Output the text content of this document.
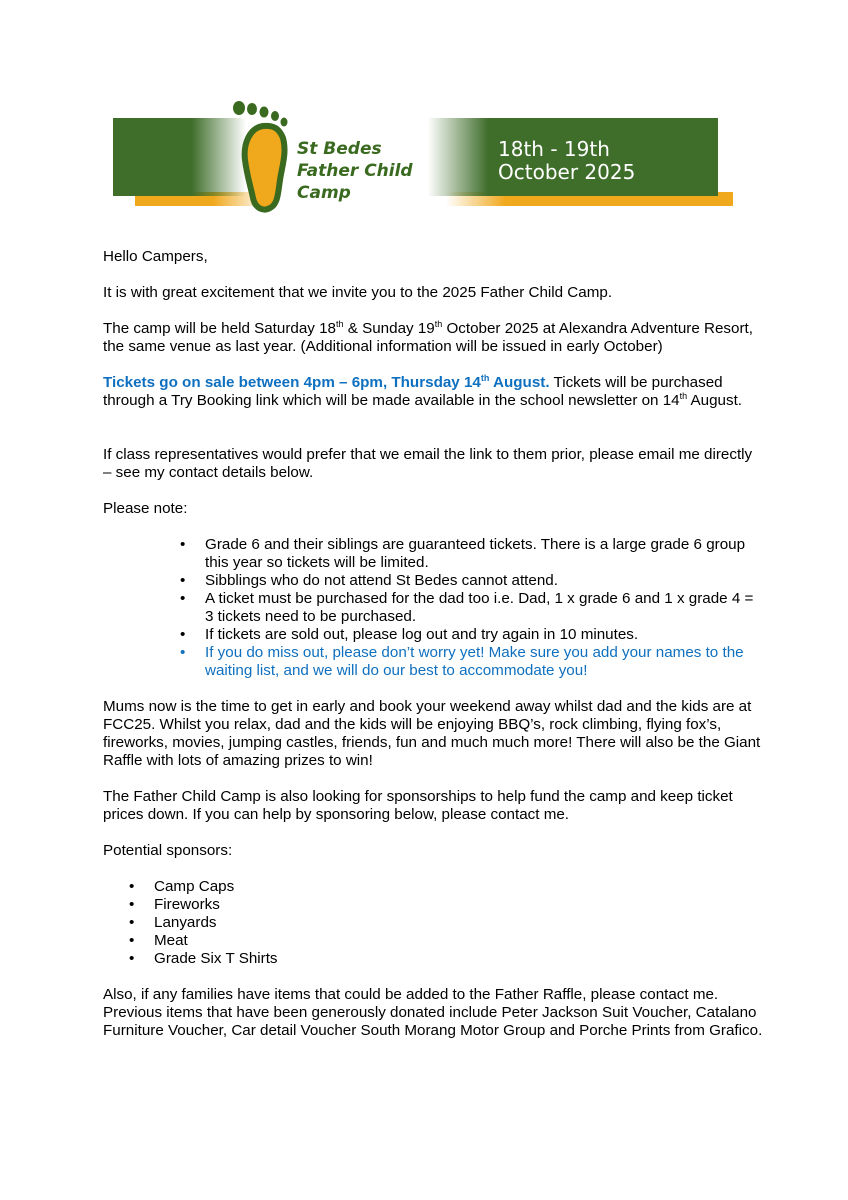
St Bedes
Father Child
Camp
18th - 19th
October 2025

Hello Campers,

It is with great excitement that we invite you to the 2025 Father Child Camp.

The camp will be held Saturday 18th & Sunday 19th October 2025 at Alexandra Adventure Resort, the same venue as last year. (Additional information will be issued in early October)

Tickets go on sale between 4pm – 6pm, Thursday 14th August. Tickets will be purchased through a Try Booking link which will be made available in the school newsletter on 14th August.

If class representatives would prefer that we email the link to them prior, please email me directly – see my contact details below.

Please note:

• Grade 6 and their siblings are guaranteed tickets. There is a large grade 6 group this year so tickets will be limited.
• Sibblings who do not attend St Bedes cannot attend.
• A ticket must be purchased for the dad too i.e. Dad, 1 x grade 6 and 1 x grade 4 = 3 tickets need to be purchased.
• If tickets are sold out, please log out and try again in 10 minutes.
• If you do miss out, please don’t worry yet! Make sure you add your names to the waiting list, and we will do our best to accommodate you!

Mums now is the time to get in early and book your weekend away whilst dad and the kids are at FCC25. Whilst you relax, dad and the kids will be enjoying BBQ’s, rock climbing, flying fox’s, fireworks, movies, jumping castles, friends, fun and much much more! There will also be the Giant Raffle with lots of amazing prizes to win!

The Father Child Camp is also looking for sponsorships to help fund the camp and keep ticket prices down. If you can help by sponsoring below, please contact me.

Potential sponsors:

• Camp Caps
• Fireworks
• Lanyards
• Meat
• Grade Six T Shirts

Also, if any families have items that could be added to the Father Raffle, please contact me. Previous items that have been generously donated include Peter Jackson Suit Voucher, Catalano Furniture Voucher, Car detail Voucher South Morang Motor Group and Porche Prints from Grafico.
